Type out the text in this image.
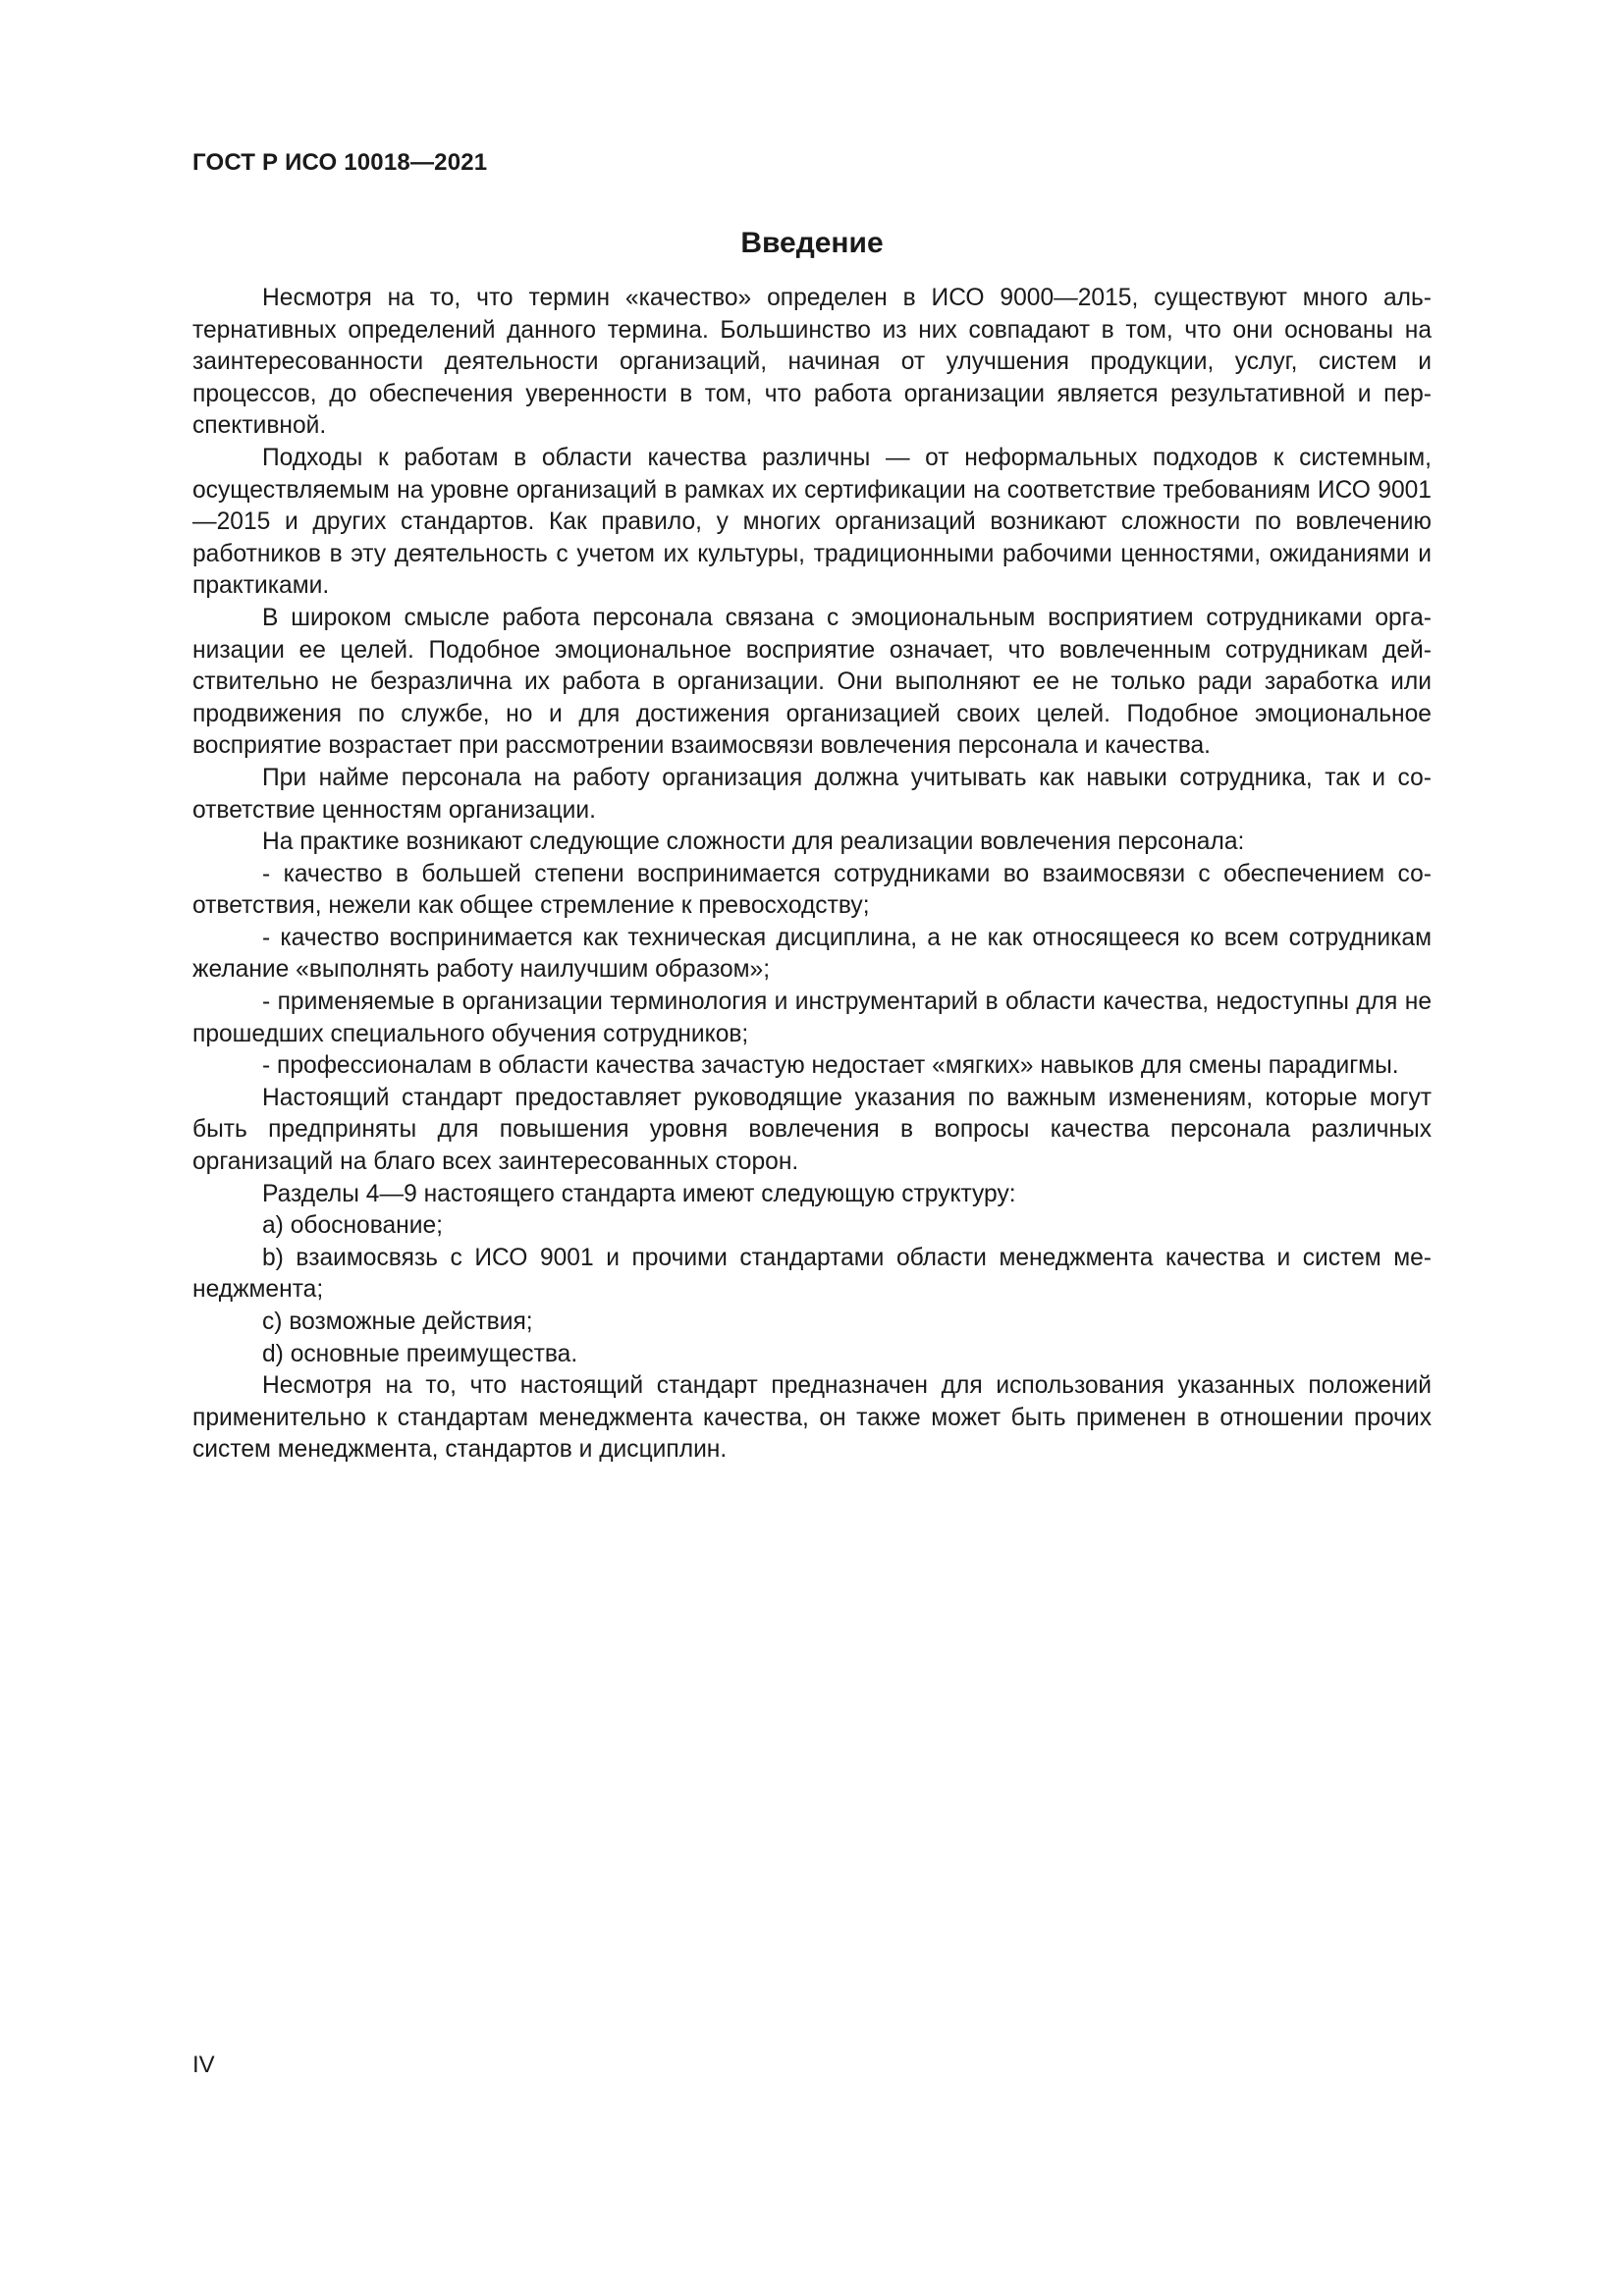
ГОСТ Р ИСО 10018—2021
Введение

Несмотря на то, что термин «качество» определен в ИСО 9000—2015, существуют много альтернативных определений данного термина. Большинство из них совпадают в том, что они основаны на заинтересованности деятельности организаций, начиная от улучшения продукции, услуг, систем и процессов, до обеспечения уверенности в том, что работа организации является результативной и перспективной.

Подходы к работам в области качества различны — от неформальных подходов к системным, осуществляемым на уровне организаций в рамках их сертификации на соответствие требованиям ИСО 9001—2015 и других стандартов. Как правило, у многих организаций возникают сложности по вовлечению работников в эту деятельность с учетом их культуры, традиционными рабочими ценностями, ожиданиями и практиками.

В широком смысле работа персонала связана с эмоциональным восприятием сотрудниками организации ее целей. Подобное эмоциональное восприятие означает, что вовлеченным сотрудникам действительно не безразлична их работа в организации. Они выполняют ее не только ради заработка или продвижения по службе, но и для достижения организацией своих целей. Подобное эмоциональное восприятие возрастает при рассмотрении взаимосвязи вовлечения персонала и качества.

При найме персонала на работу организация должна учитывать как навыки сотрудника, так и соответствие ценностям организации.

На практике возникают следующие сложности для реализации вовлечения персонала:

- качество в большей степени воспринимается сотрудниками во взаимосвязи с обеспечением соответствия, нежели как общее стремление к превосходству;

- качество воспринимается как техническая дисциплина, а не как относящееся ко всем сотрудникам желание «выполнять работу наилучшим образом»;

- применяемые в организации терминология и инструментарий в области качества, недоступны для не прошедших специального обучения сотрудников;

- профессионалам в области качества зачастую недостает «мягких» навыков для смены парадигмы.

Настоящий стандарт предоставляет руководящие указания по важным изменениям, которые могут быть предприняты для повышения уровня вовлечения в вопросы качества персонала различных организаций на благо всех заинтересованных сторон.

Разделы 4—9 настоящего стандарта имеют следующую структуру:

а) обоснование;

b) взаимосвязь с ИСО 9001 и прочими стандартами области менеджмента качества и систем менеджмента;

с) возможные действия;

d) основные преимущества.

Несмотря на то, что настоящий стандарт предназначен для использования указанных положений применительно к стандартам менеджмента качества, он также может быть применен в отношении прочих систем менеджмента, стандартов и дисциплин.

IV
